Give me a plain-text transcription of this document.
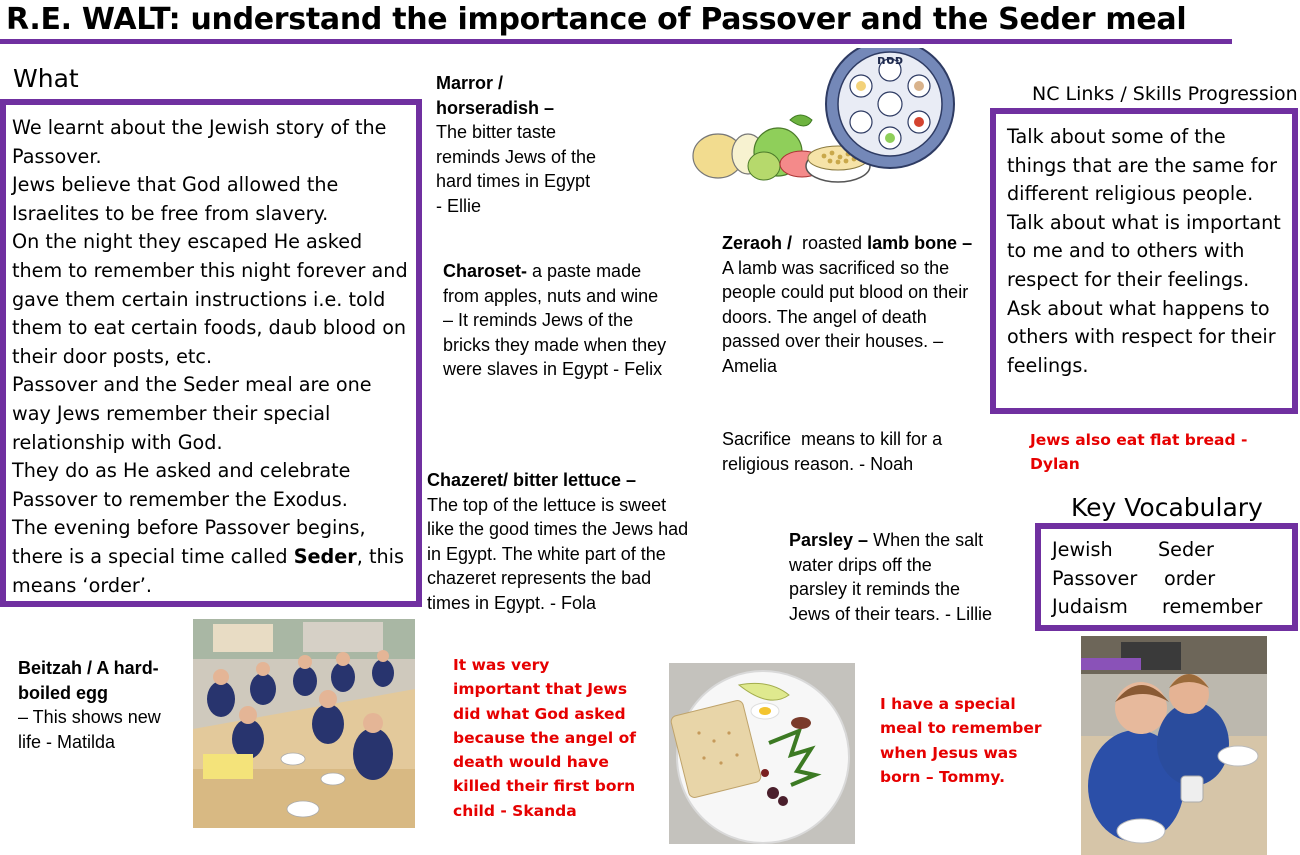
R.E. WALT: understand the importance of Passover and the Seder meal
What
We learnt about the Jewish story of the Passover.
Jews believe that God allowed the Israelites to be free from slavery.
On the night they escaped He asked them to remember this night forever and gave them certain instructions i.e. told them to eat certain foods, daub blood on their door posts, etc.
Passover and the Seder meal are one way Jews remember their special relationship with God.
They do as He asked and celebrate Passover to remember the Exodus.
The evening before Passover begins, there is a special time called Seder, this means ‘order’.
Marror / horseradish –
The bitter taste reminds Jews of the hard times in Egypt - Ellie
פסח
Charoset- a paste made from apples, nuts and wine – It reminds Jews of the bricks they made when they were slaves in Egypt - Felix
Chazeret/ bitter lettuce –
The top of the lettuce is sweet like the good times the Jews had in Egypt. The white part of the chazeret represents the bad times in Egypt. - Fola
Zeraoh /  roasted lamb bone – A lamb was sacrificed so the people could put blood on their doors. The angel of death passed over their houses. – Amelia
Sacrifice  means to kill for a religious reason. - Noah
Parsley – When the salt water drips off the parsley it reminds the Jews of their tears. - Lillie
NC Links / Skills Progression
Talk about some of the things that are the same for different religious people.
Talk about what is important to me and to others with respect for their feelings.
Ask about what happens to others with respect for their feelings.
Jews also eat flat bread - Dylan
Key Vocabulary
Jewish
Passover
Judaism
Seder
order
remember
Beitzah / A hard-boiled egg
– This shows new life - Matilda
It was very important that Jews did what God asked because the angel of death would have killed their first born child - Skanda
I have a special meal to remember when Jesus was born – Tommy.
